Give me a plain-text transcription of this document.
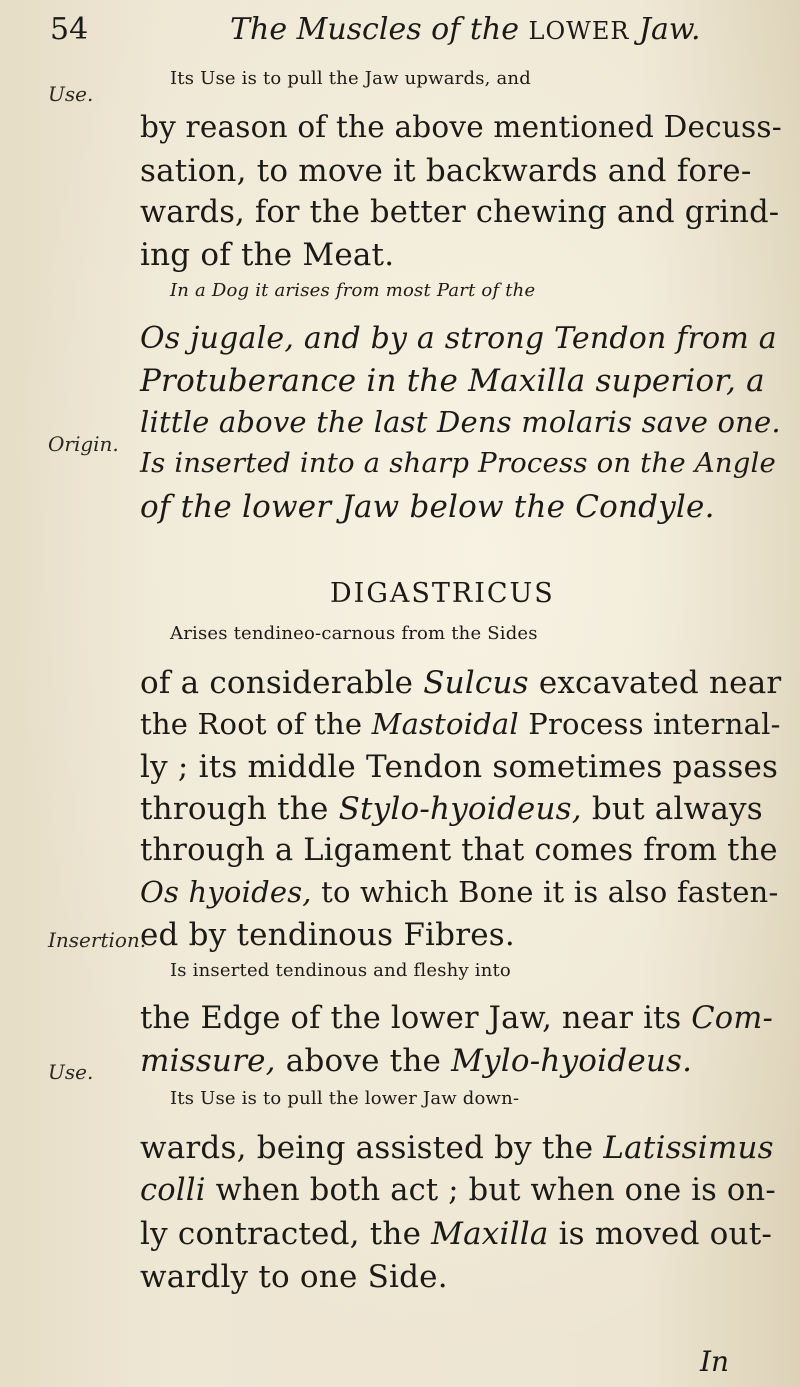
54	The Muscles of the LOWER Jaw.
Use.
Origin.
Insertion.
Use.
Its Use is to pull the Jaw upwards, and
by reason of the above mentioned Decuss-
sation, to move it backwards and fore-
wards, for the better chewing and grind-
ing of the Meat.
In a Dog it arises from most Part of the
Os jugale, and by a strong Tendon from a
Protuberance in the Maxilla superior, a
little above the last Dens molaris save one.
Is inserted into a sharp Process on the Angle
of the lower Jaw below the Condyle.
DIGASTRICUS
Arises tendineo-carnous from the Sides
of a considerable Sulcus excavated near
the Root of the Mastoidal Process internal-
ly ; its middle Tendon sometimes passes
through the Stylo-hyoideus, but always
through a Ligament that comes from the
Os hyoides, to which Bone it is also fasten-
ed by tendinous Fibres.
Is inserted tendinous and fleshy into
the Edge of the lower Jaw, near its Com-
missure, above the Mylo-hyoideus.
Its Use is to pull the lower Jaw down-
wards, being assisted by the Latissimus
colli when both act ; but when one is on-
ly contracted, the Maxilla is moved out-
wardly to one Side.
In
